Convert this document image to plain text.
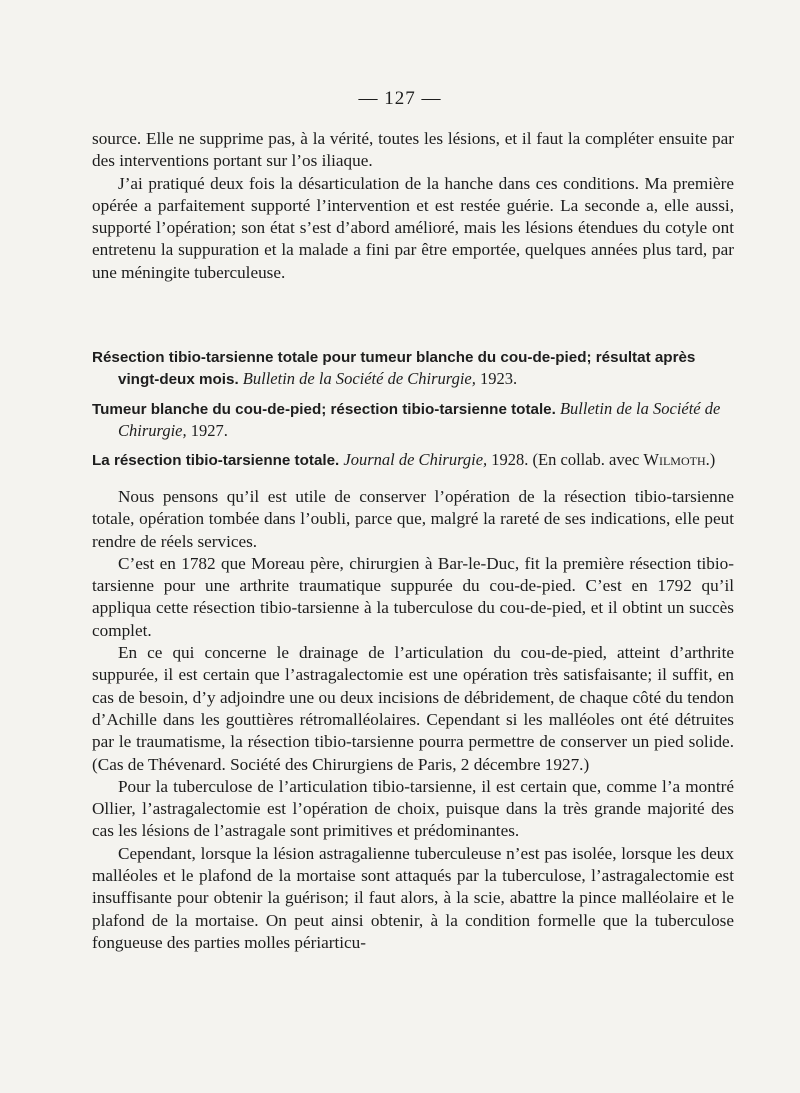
— 127 —

source. Elle ne supprime pas, à la vérité, toutes les lésions, et il faut la compléter ensuite par des interventions portant sur l’os iliaque.

J’ai pratiqué deux fois la désarticulation de la hanche dans ces conditions. Ma première opérée a parfaitement supporté l’intervention et est restée guérie. La seconde a, elle aussi, supporté l’opération; son état s’est d’abord amélioré, mais les lésions étendues du cotyle ont entretenu la suppuration et la malade a fini par être emportée, quelques années plus tard, par une méningite tuberculeuse.

Résection tibio-tarsienne totale pour tumeur blanche du cou-de-pied; résultat après vingt-deux mois. Bulletin de la Société de Chirurgie, 1923.

Tumeur blanche du cou-de-pied; résection tibio-tarsienne totale. Bulletin de la Société de Chirurgie, 1927.

La résection tibio-tarsienne totale. Journal de Chirurgie, 1928. (En collab. avec Wilmoth.)

Nous pensons qu’il est utile de conserver l’opération de la résection tibio-tarsienne totale, opération tombée dans l’oubli, parce que, malgré la rareté de ses indications, elle peut rendre de réels services.

C’est en 1782 que Moreau père, chirurgien à Bar-le-Duc, fit la première résection tibio-tarsienne pour une arthrite traumatique suppurée du cou-de-pied. C’est en 1792 qu’il appliqua cette résection tibio-tarsienne à la tuberculose du cou-de-pied, et il obtint un succès complet.

En ce qui concerne le drainage de l’articulation du cou-de-pied, atteint d’arthrite suppurée, il est certain que l’astragalectomie est une opération très satisfaisante; il suffit, en cas de besoin, d’y adjoindre une ou deux incisions de débridement, de chaque côté du tendon d’Achille dans les gouttières rétromalléolaires. Cependant si les malléoles ont été détruites par le traumatisme, la résection tibio-tarsienne pourra permettre de conserver un pied solide. (Cas de Thévenard. Société des Chirurgiens de Paris, 2 décembre 1927.)

Pour la tuberculose de l’articulation tibio-tarsienne, il est certain que, comme l’a montré Ollier, l’astragalectomie est l’opération de choix, puisque dans la très grande majorité des cas les lésions de l’astragale sont primitives et prédominantes.

Cependant, lorsque la lésion astragalienne tuberculeuse n’est pas isolée, lorsque les deux malléoles et le plafond de la mortaise sont attaqués par la tuberculose, l’astragalectomie est insuffisante pour obtenir la guérison; il faut alors, à la scie, abattre la pince malléolaire et le plafond de la mortaise. On peut ainsi obtenir, à la condition formelle que la tuberculose fongueuse des parties molles périarticu-
